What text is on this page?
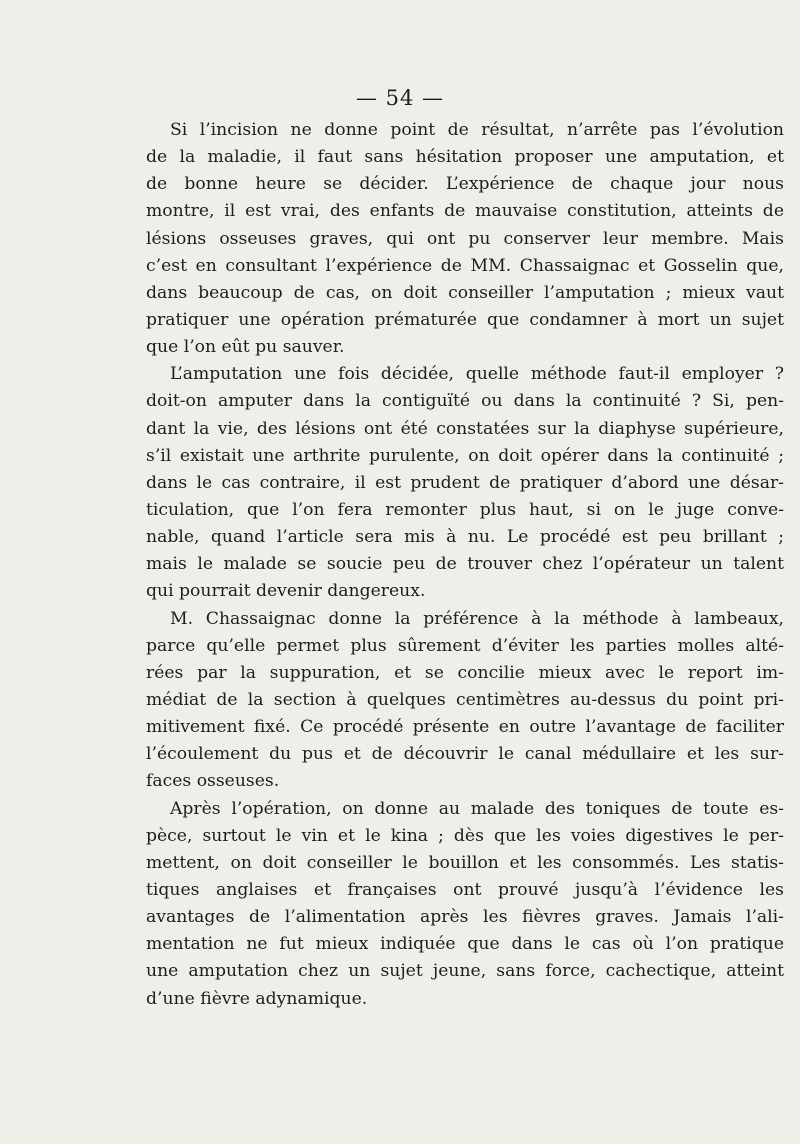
— 54 —
Si l’incision ne donne point de résultat, n’arrête pas l’évolution
de la maladie, il faut sans hésitation proposer une amputation, et
de bonne heure se décider. L’expérience de chaque jour nous
montre, il est vrai, des enfants de mauvaise constitution, atteints de
lésions osseuses graves, qui ont pu conserver leur membre. Mais
c’est en consultant l’expérience de MM. Chassaignac et Gosselin que,
dans beaucoup de cas, on doit conseiller l’amputation ; mieux vaut
pratiquer une opération prématurée que condamner à mort un sujet
que l’on eût pu sauver.
L’amputation une fois décidée, quelle méthode faut-il employer ?
doit-on amputer dans la contiguïté ou dans la continuité ? Si, pen-
dant la vie, des lésions ont été constatées sur la diaphyse supérieure,
s’il existait une arthrite purulente, on doit opérer dans la continuité ;
dans le cas contraire, il est prudent de pratiquer d’abord une désar-
ticulation, que l’on fera remonter plus haut, si on le juge conve-
nable, quand l’article sera mis à nu. Le procédé est peu brillant ;
mais le malade se soucie peu de trouver chez l’opérateur un talent
qui pourrait devenir dangereux.
M. Chassaignac donne la préférence à la méthode à lambeaux,
parce qu’elle permet plus sûrement d’éviter les parties molles alté-
rées par la suppuration, et se concilie mieux avec le report im-
médiat de la section à quelques centimètres au-dessus du point pri-
mitivement fixé. Ce procédé présente en outre l’avantage de faciliter
l’écoulement du pus et de découvrir le canal médullaire et les sur-
faces osseuses.
Après l’opération, on donne au malade des toniques de toute es-
pèce, surtout le vin et le kina ; dès que les voies digestives le per-
mettent, on doit conseiller le bouillon et les consommés. Les statis-
tiques anglaises et françaises ont prouvé jusqu’à l’évidence les
avantages de l’alimentation après les fièvres graves. Jamais l’ali-
mentation ne fut mieux indiquée que dans le cas où l’on pratique
une amputation chez un sujet jeune, sans force, cachectique, atteint
d’une fièvre adynamique.
